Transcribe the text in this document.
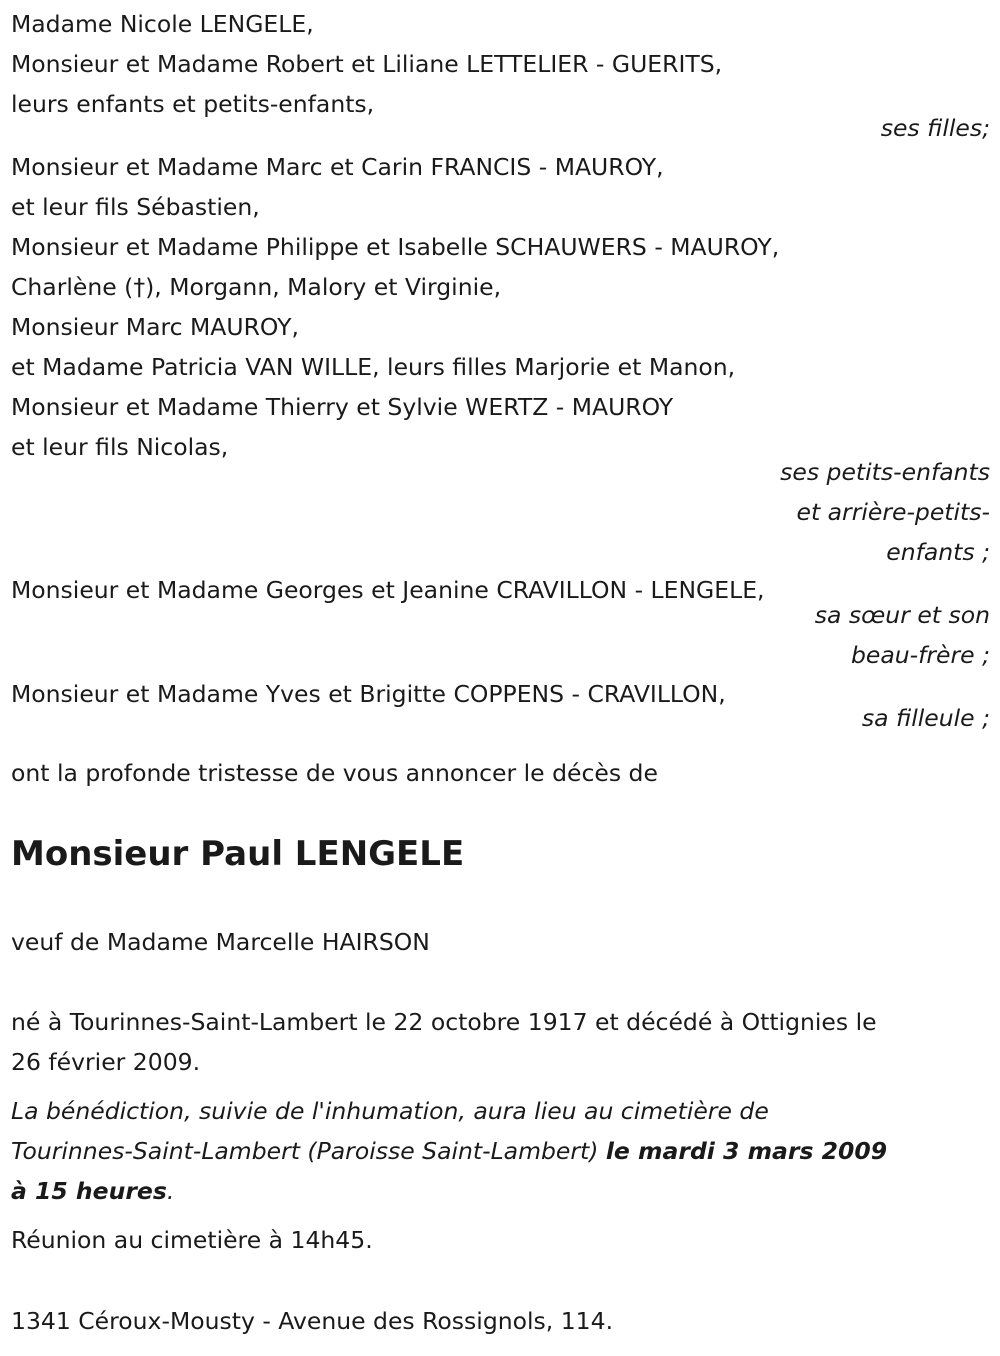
Madame Nicole LENGELE,
Monsieur et Madame Robert et Liliane LETTELIER - GUERITS,
leurs enfants et petits-enfants,
ses filles;
Monsieur et Madame Marc et Carin FRANCIS - MAUROY,
et leur fils Sébastien,
Monsieur et Madame Philippe et Isabelle SCHAUWERS - MAUROY,
Charlène (†), Morgann, Malory et Virginie,
Monsieur Marc MAUROY,
et Madame Patricia VAN WILLE, leurs filles Marjorie et Manon,
Monsieur et Madame Thierry et Sylvie WERTZ - MAUROY
et leur fils Nicolas,
ses petits-enfants
et arrière-petits-
enfants ;
Monsieur et Madame Georges et Jeanine CRAVILLON - LENGELE,
sa sœur et son
beau-frère ;
Monsieur et Madame Yves et Brigitte COPPENS - CRAVILLON,
sa filleule ;
ont la profonde tristesse de vous annoncer le décès de
Monsieur Paul LENGELE
veuf de Madame Marcelle HAIRSON
né à Tourinnes-Saint-Lambert le 22 octobre 1917 et décédé à Ottignies le
26 février 2009.
La bénédiction, suivie de l'inhumation, aura lieu au cimetière de
Tourinnes-Saint-Lambert (Paroisse Saint-Lambert) le mardi 3 mars 2009
à 15 heures.
Réunion au cimetière à 14h45.
1341 Céroux-Mousty - Avenue des Rossignols, 114.
